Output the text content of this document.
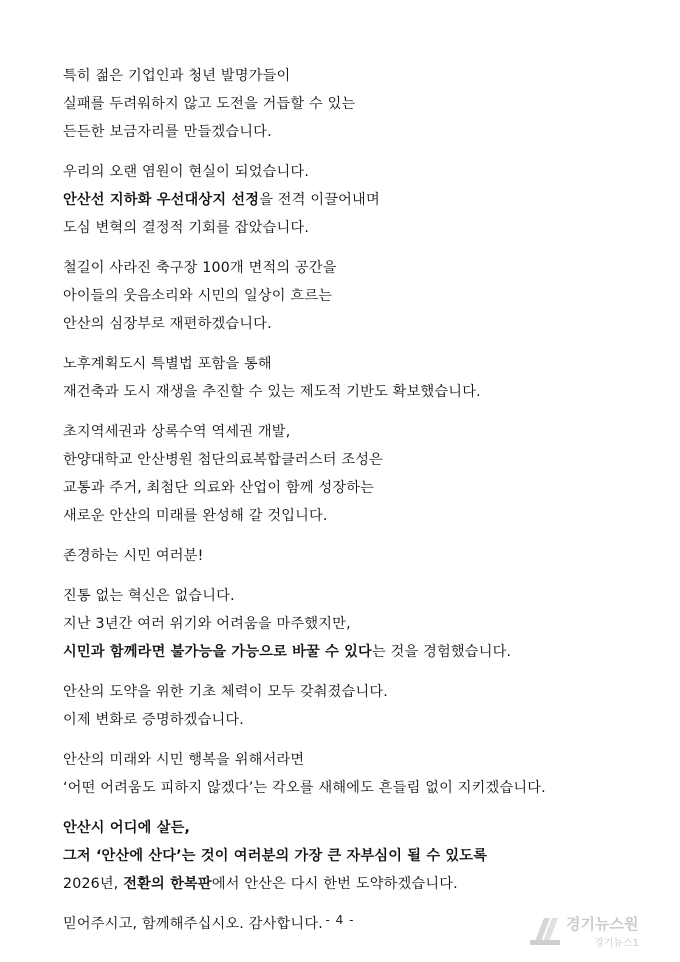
특히 젊은 기업인과 청년 발명가들이
실패를 두려워하지 않고 도전을 거듭할 수 있는
든든한 보금자리를 만들겠습니다.
우리의 오랜 염원이 현실이 되었습니다.
안산선 지하화 우선대상지 선정을 전격 이끌어내며
도심 변혁의 결정적 기회를 잡았습니다.
철길이 사라진 축구장 100개 면적의 공간을
아이들의 웃음소리와 시민의 일상이 흐르는
안산의 심장부로 재편하겠습니다.
노후계획도시 특별법 포함을 통해
재건축과 도시 재생을 추진할 수 있는 제도적 기반도 확보했습니다.
초지역세권과 상록수역 역세권 개발,
한양대학교 안산병원 첨단의료복합클러스터 조성은
교통과 주거, 최첨단 의료와 산업이 함께 성장하는
새로운 안산의 미래를 완성해 갈 것입니다.
존경하는 시민 여러분!
진통 없는 혁신은 없습니다.
지난 3년간 여러 위기와 어려움을 마주했지만,
시민과 함께라면 불가능을 가능으로 바꿀 수 있다는 것을 경험했습니다.
안산의 도약을 위한 기초 체력이 모두 갖춰졌습니다.
이제 변화로 증명하겠습니다.
안산의 미래와 시민 행복을 위해서라면
‘어떤 어려움도 피하지 않겠다’는 각오를 새해에도 흔들림 없이 지키겠습니다.
안산시 어디에 살든,
그저 ‘안산에 산다’는 것이 여러분의 가장 큰 자부심이 될 수 있도록
2026년, 전환의 한복판에서 안산은 다시 한번 도약하겠습니다.
믿어주시고, 함께해주십시오. 감사합니다. - 4 -	경기뉴스원
경기뉴스1
